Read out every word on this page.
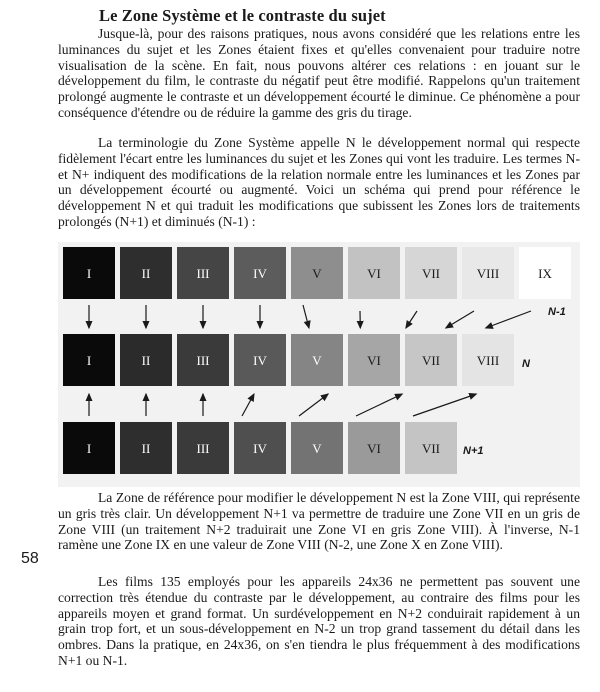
Le Zone Système et le contraste du sujet

Jusque-là, pour des raisons pratiques, nous avons considéré que les relations entre les luminances du sujet et les Zones étaient fixes et qu'elles convenaient pour traduire notre visualisation de la scène. En fait, nous pouvons altérer ces relations : en jouant sur le développement du film, le contraste du négatif peut être modifié. Rappelons qu'un traitement prolongé augmente le contraste et un développement écourté le diminue. Ce phénomène a pour conséquence d'étendre ou de réduire la gamme des gris du tirage.

La terminologie du Zone Système appelle N le développement normal qui respecte fidèlement l'écart entre les luminances du sujet et les Zones qui vont les traduire. Les termes N- et N+ indiquent des modifications de la relation normale entre les luminances et les Zones par un développement écourté ou augmenté. Voici un schéma qui prend pour référence le développement N et qui traduit les modifications que subissent les Zones lors de traitements prolongés (N+1) et diminués (N-1) :

I	II	III	IV	V	VI	VII	VIII	IX
I	II	III	IV	V	VI	VII	VIII
I	II	III	IV	V	VI	VII
N-1
N
N+1

La Zone de référence pour modifier le développement N est la Zone VIII, qui représente un gris très clair. Un développement N+1 va permettre de traduire une Zone VII en un gris de Zone VIII (un traitement N+2 traduirait une Zone VI en gris Zone VIII). À l'inverse, N-1 ramène une Zone IX en une valeur de Zone VIII (N-2, une Zone X en Zone VIII).

58

Les films 135 employés pour les appareils 24x36 ne permettent pas souvent une correction très étendue du contraste par le développement, au contraire des films pour les appareils moyen et grand format. Un surdéveloppement en N+2 conduirait rapidement à un grain trop fort, et un sous-développement en N-2 un trop grand tassement du détail dans les ombres. Dans la pratique, en 24x36, on s'en tiendra le plus fréquemment à des modifications N+1 ou N-1.
